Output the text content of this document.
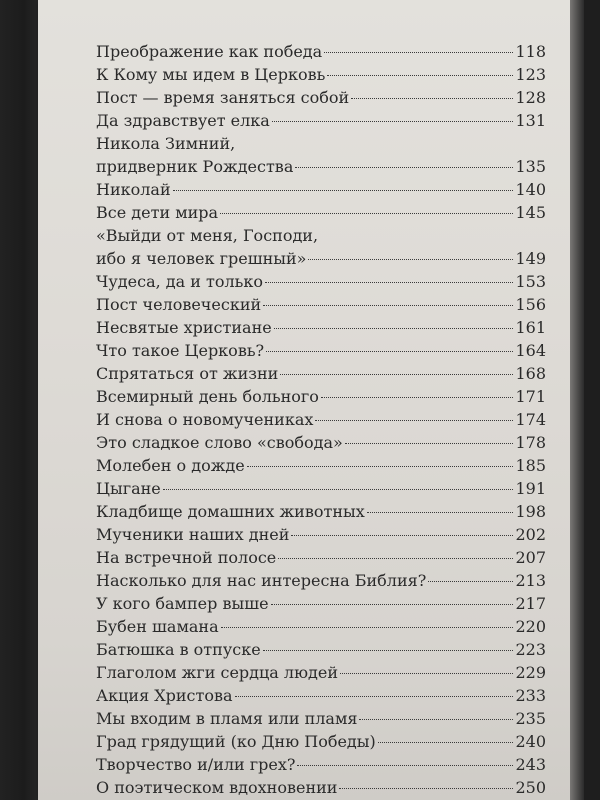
Преображение как победа	118
К Кому мы идем в Церковь	123
Пост — время заняться собой	128
Да здравствует елка	131
Никола Зимний,
придверник Рождества	135
Николай	140
Все дети мира	145
«Выйди от меня, Господи,
ибо я человек грешный»	149
Чудеса, да и только	153
Пост человеческий	156
Несвятые христиане	161
Что такое Церковь?	164
Спрятаться от жизни	168
Всемирный день больного	171
И снова о новомучениках	174
Это сладкое слово «свобода»	178
Молебен о дожде	185
Цыгане	191
Кладбище домашних животных	198
Мученики наших дней	202
На встречной полосе	207
Насколько для нас интересна Библия?	213
У кого бампер выше	217
Бубен шамана	220
Батюшка в отпуске	223
Глаголом жги сердца людей	229
Акция Христова	233
Мы входим в пламя или пламя	235
Град грядущий (ко Дню Победы)	240
Творчество и/или грех?	243
О поэтическом вдохновении	250
